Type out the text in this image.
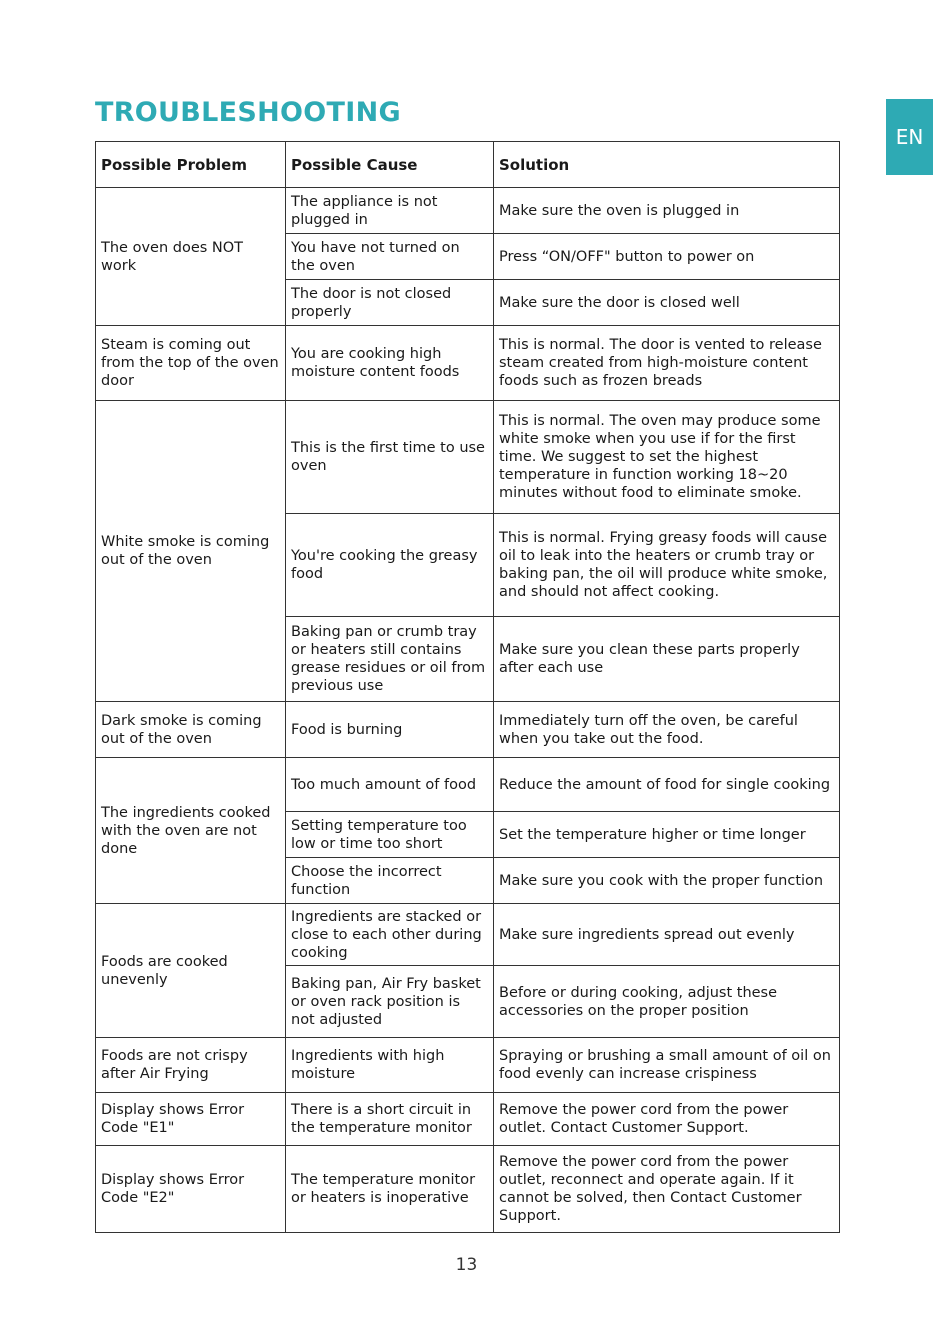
TROUBLESHOOTING
EN
Possible Problem	Possible Cause	Solution
The oven does NOT work	The appliance is not plugged in	Make sure the oven is plugged in
	You have not turned on the oven	Press “ON/OFF" button to power on
	The door is not closed properly	Make sure the door is closed well
Steam is coming out from the top of the oven door	You are cooking high moisture content foods	This is normal. The door is vented to release steam created from high-moisture content foods such as frozen breads
White smoke is coming out of the oven	This is the first time to use oven	This is normal. The oven may produce some white smoke when you use if for the first time. We suggest to set the highest temperature in function working 18~20 minutes without food to eliminate smoke.
	You're cooking the greasy food	This is normal. Frying greasy foods will cause oil to leak into the heaters or crumb tray or baking pan, the oil will produce white smoke, and should not affect cooking.
	Baking pan or crumb tray or heaters still contains grease residues or oil from previous use	Make sure you clean these parts properly after each use
Dark smoke is coming out of the oven	Food is burning	Immediately turn off the oven, be careful when you take out the food.
The ingredients cooked with the oven are not done	Too much amount of food	Reduce the amount of food for single cooking
	Setting temperature too low or time too short	Set the temperature higher or time longer
	Choose the incorrect function	Make sure you cook with the proper function
Foods are cooked unevenly	Ingredients are stacked or close to each other during cooking	Make sure ingredients spread out evenly
	Baking pan, Air Fry basket or oven rack position is not adjusted	Before or during cooking, adjust these accessories on the proper position
Foods are not crispy after Air Frying	Ingredients with high moisture	Spraying or brushing a small amount of oil on food evenly can increase crispiness
Display shows Error Code "E1"	There is a short circuit in the temperature monitor	Remove the power cord from the power outlet. Contact Customer Support.
Display shows Error Code "E2"	The temperature monitor or heaters is inoperative	Remove the power cord from the power outlet, reconnect and operate again. If it cannot be solved, then Contact Customer Support.
13
